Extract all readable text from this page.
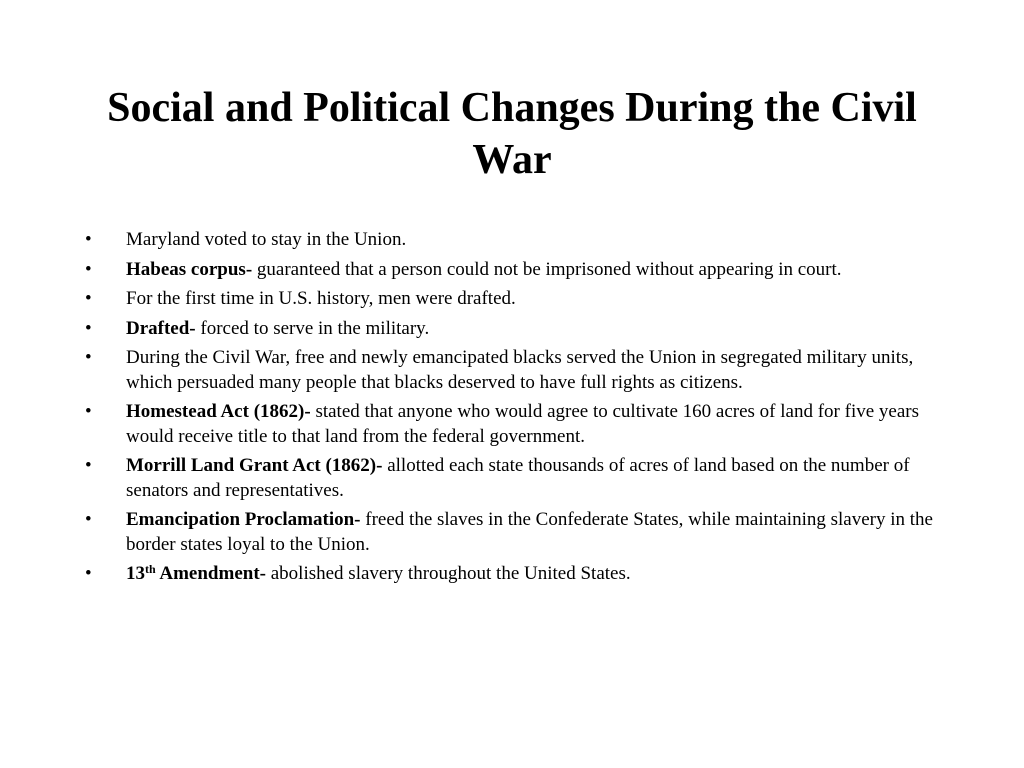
Social and Political Changes During the Civil War
•	Maryland voted to stay in the Union.
•	Habeas corpus- guaranteed that a person could not be imprisoned without appearing in court.
•	For the first time in U.S. history, men were drafted.
•	Drafted- forced to serve in the military.
•	During the Civil War, free and newly emancipated blacks served the Union in segregated military units, which persuaded many people that blacks deserved to have full rights as citizens.
•	Homestead Act (1862)- stated that anyone who would agree to cultivate 160 acres of land for five years would receive title to that land from the federal government.
•	Morrill Land Grant Act (1862)- allotted each state thousands of acres of land based on the number of senators and representatives.
•	Emancipation Proclamation- freed the slaves in the Confederate States, while maintaining slavery in the border states loyal to the Union.
•	13th Amendment- abolished slavery throughout the United States.
